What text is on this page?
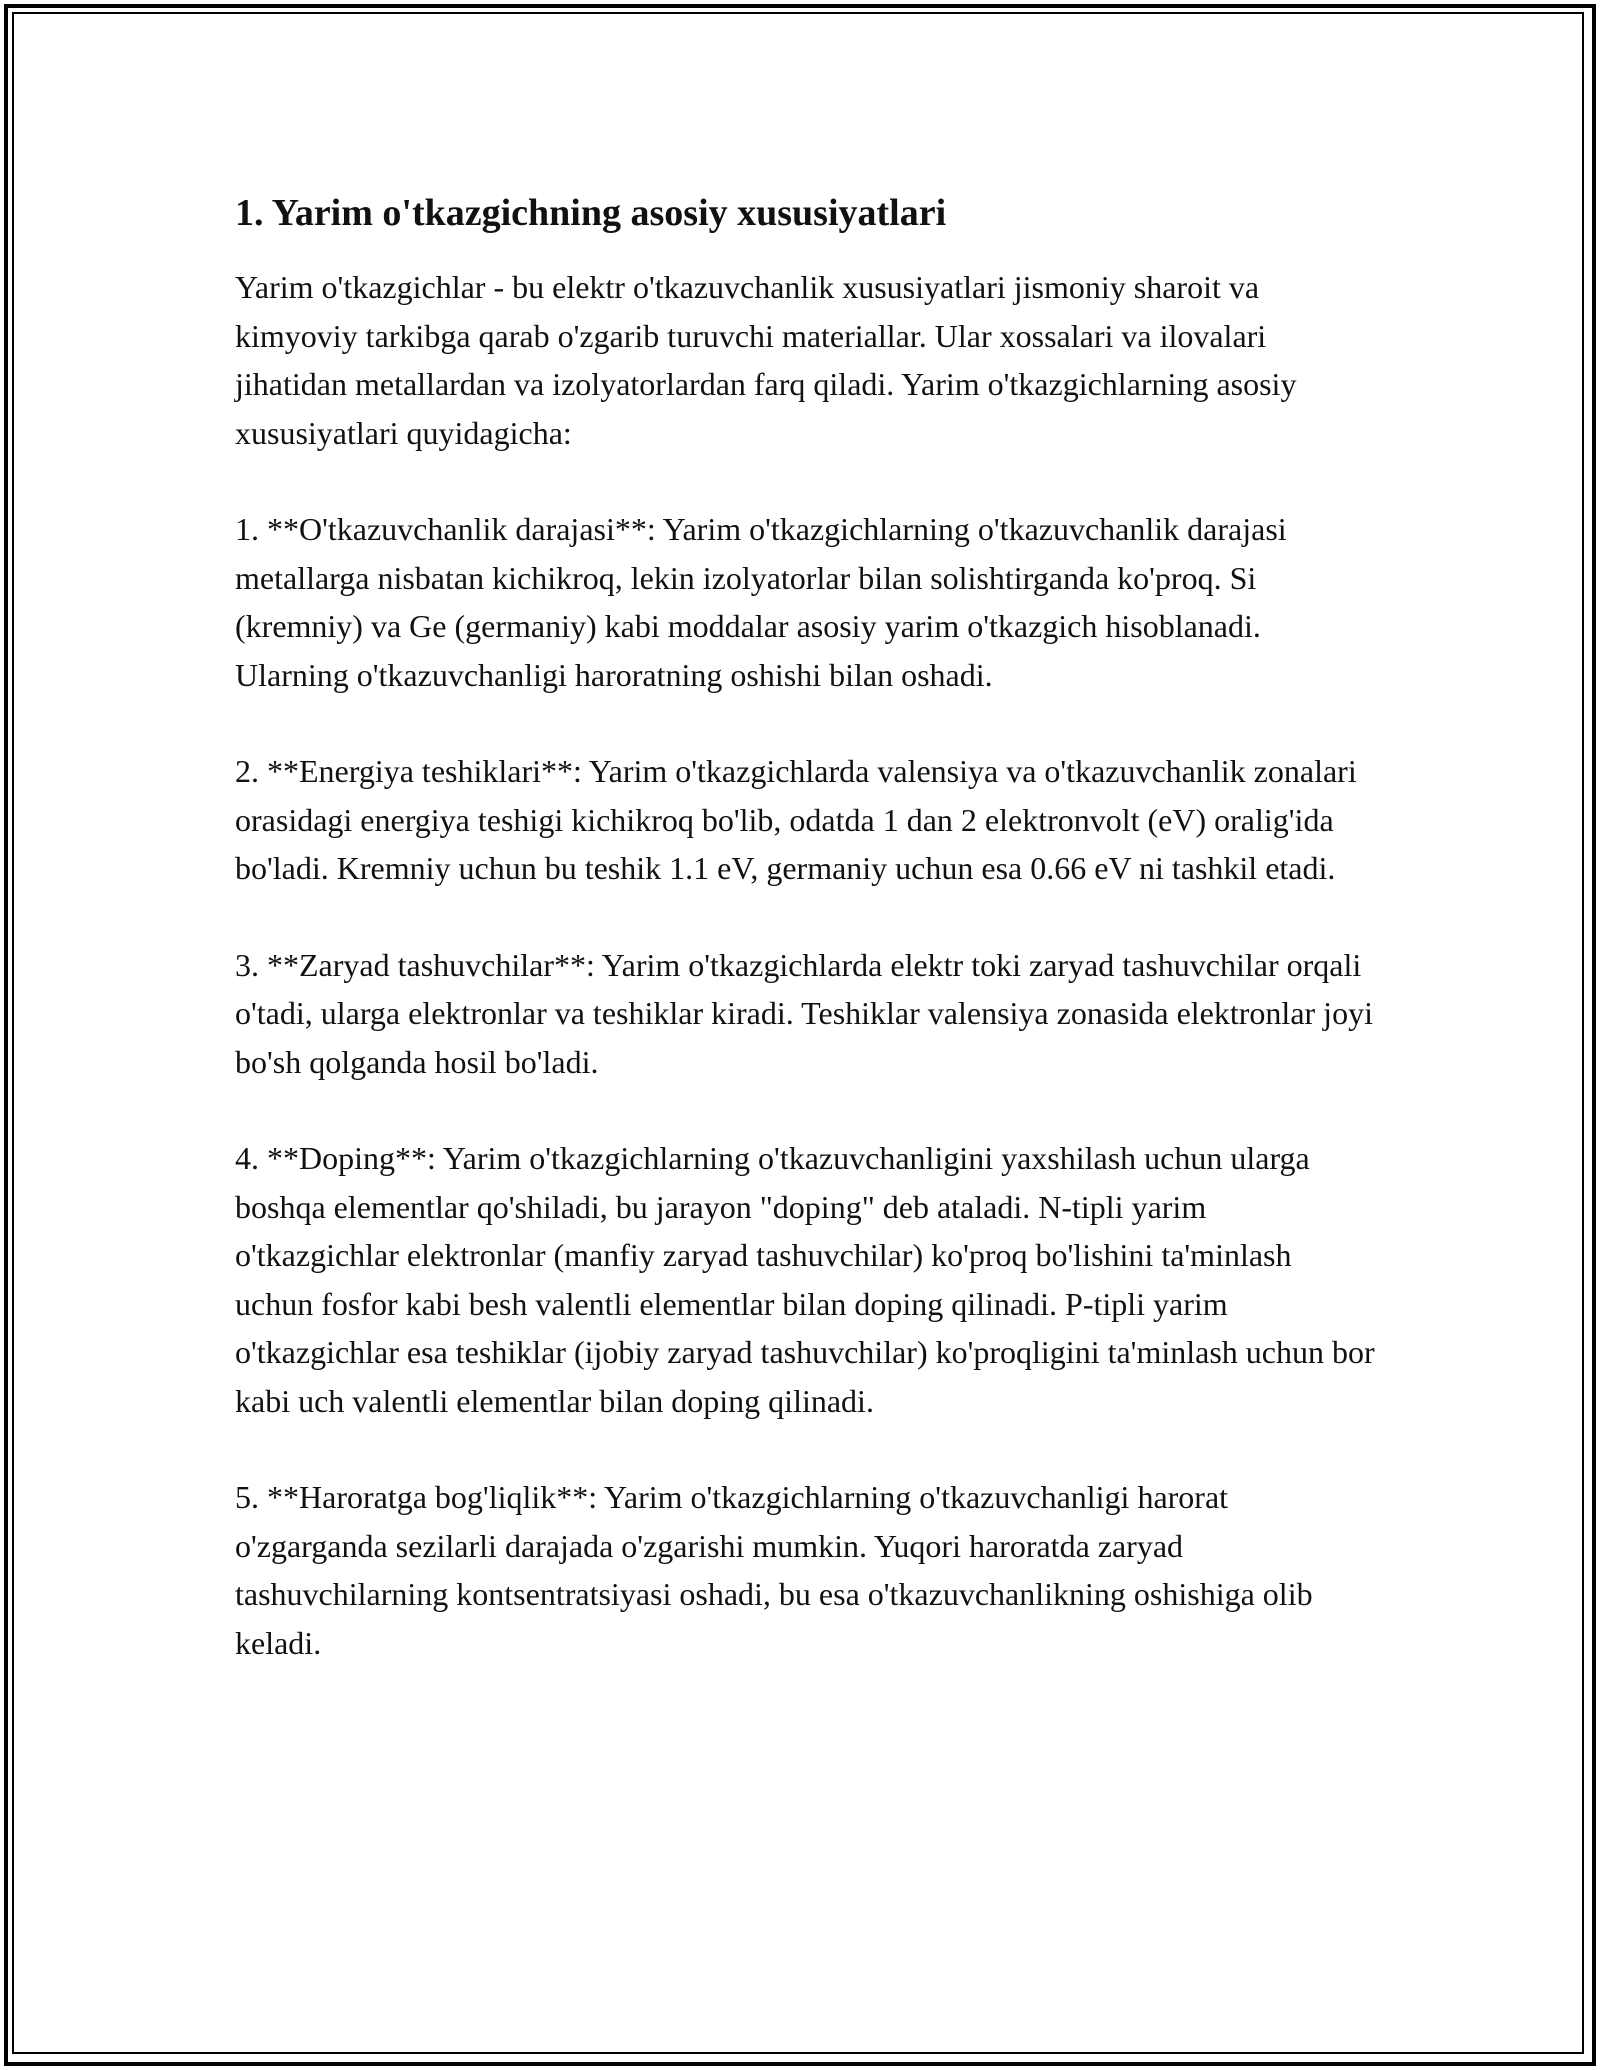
1. Yarim o'tkazgichning asosiy xususiyatlari

Yarim o'tkazgichlar - bu elektr o'tkazuvchanlik xususiyatlari jismoniy sharoit va kimyoviy tarkibga qarab o'zgarib turuvchi materiallar. Ular xossalari va ilovalari jihatidan metallardan va izolyatorlardan farq qiladi. Yarim o'tkazgichlarning asosiy xususiyatlari quyidagicha:

1. **O'tkazuvchanlik darajasi**: Yarim o'tkazgichlarning o'tkazuvchanlik darajasi metallarga nisbatan kichikroq, lekin izolyatorlar bilan solishtirganda ko'proq. Si (kremniy) va Ge (germaniy) kabi moddalar asosiy yarim o'tkazgich hisoblanadi. Ularning o'tkazuvchanligi haroratning oshishi bilan oshadi.

2. **Energiya teshiklari**: Yarim o'tkazgichlarda valensiya va o'tkazuvchanlik zonalari orasidagi energiya teshigi kichikroq bo'lib, odatda 1 dan 2 elektronvolt (eV) oralig'ida bo'ladi. Kremniy uchun bu teshik 1.1 eV, germaniy uchun esa 0.66 eV ni tashkil etadi.

3. **Zaryad tashuvchilar**: Yarim o'tkazgichlarda elektr toki zaryad tashuvchilar orqali o'tadi, ularga elektronlar va teshiklar kiradi. Teshiklar valensiya zonasida elektronlar joyi bo'sh qolganda hosil bo'ladi.

4. **Doping**: Yarim o'tkazgichlarning o'tkazuvchanligini yaxshilash uchun ularga boshqa elementlar qo'shiladi, bu jarayon "doping" deb ataladi. N-tipli yarim o'tkazgichlar elektronlar (manfiy zaryad tashuvchilar) ko'proq bo'lishini ta'minlash uchun fosfor kabi besh valentli elementlar bilan doping qilinadi. P-tipli yarim o'tkazgichlar esa teshiklar (ijobiy zaryad tashuvchilar) ko'proqligini ta'minlash uchun bor kabi uch valentli elementlar bilan doping qilinadi.

5. **Haroratga bog'liqlik**: Yarim o'tkazgichlarning o'tkazuvchanligi harorat o'zgarganda sezilarli darajada o'zgarishi mumkin. Yuqori haroratda zaryad tashuvchilarning kontsentratsiyasi oshadi, bu esa o'tkazuvchanlikning oshishiga olib keladi.
